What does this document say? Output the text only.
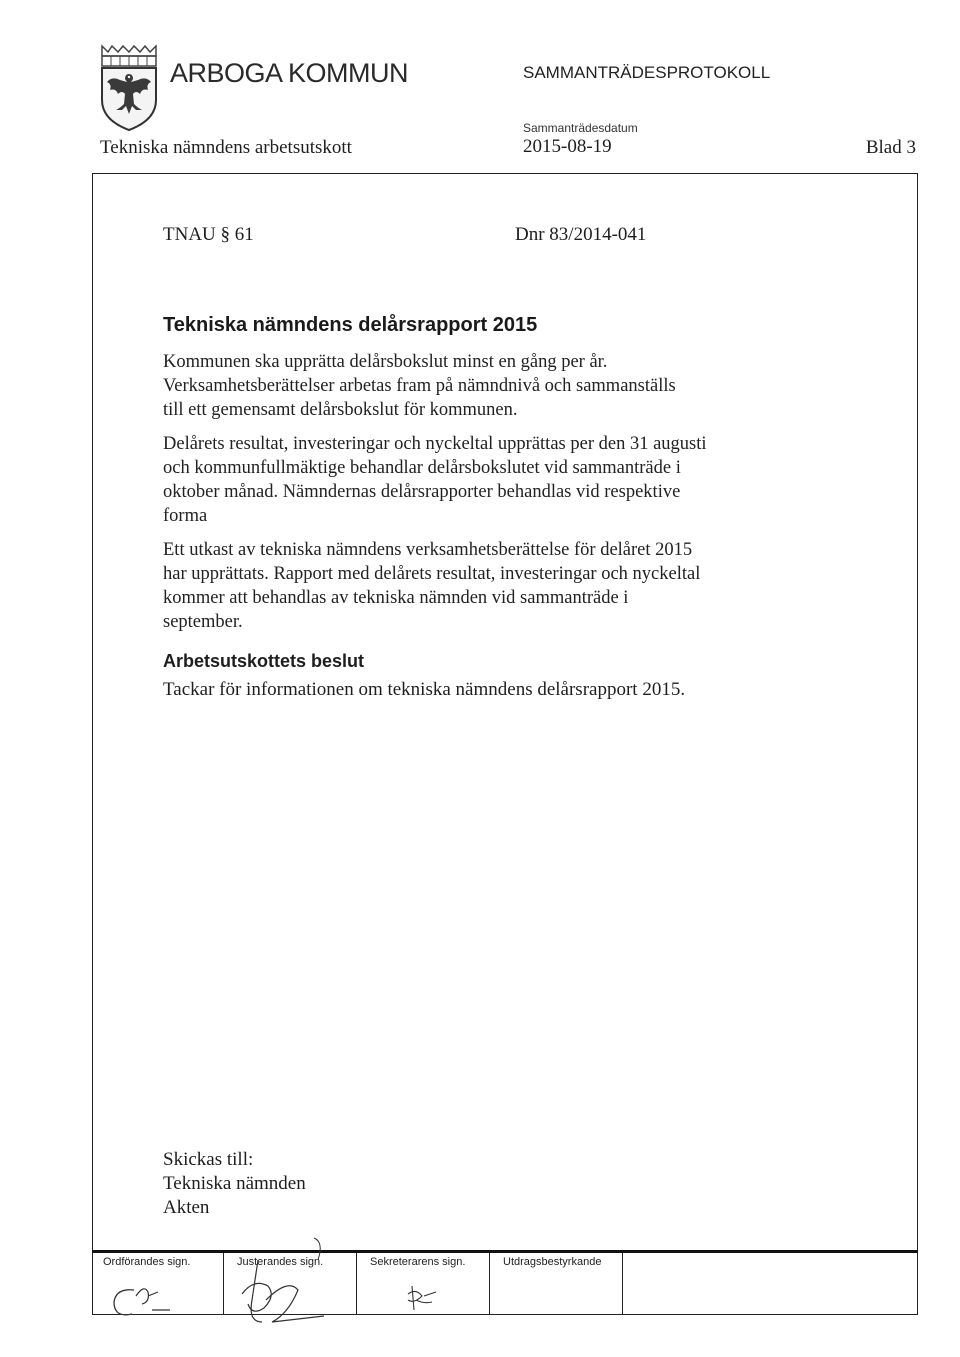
ARBOGA KOMMUN	SAMMANTRÄDESPROTOKOLL
Tekniska nämndens arbetsutskott
Sammanträdesdatum
2015-08-19	Blad 3
TNAU § 61	Dnr 83/2014-041
Tekniska nämndens delårsrapport 2015
Kommunen ska upprätta delårsbokslut minst en gång per år.
Verksamhetsberättelser arbetas fram på nämndnivå och sammanställs
till ett gemensamt delårsbokslut för kommunen.
Delårets resultat, investeringar och nyckeltal upprättas per den 31 augusti
och kommunfullmäktige behandlar delårsbokslutet vid sammanträde i
oktober månad. Nämndernas delårsrapporter behandlas vid respektive
forma
Ett utkast av tekniska nämndens verksamhetsberättelse för delåret 2015
har upprättats. Rapport med delårets resultat, investeringar och nyckeltal
kommer att behandlas av tekniska nämnden vid sammanträde i
september.
Arbetsutskottets beslut
Tackar för informationen om tekniska nämndens delårsrapport 2015.
Skickas till:
Tekniska nämnden
Akten
Ordförandes sign.	Justerandes sign.	Sekreterarens sign.	Utdragsbestyrkande
